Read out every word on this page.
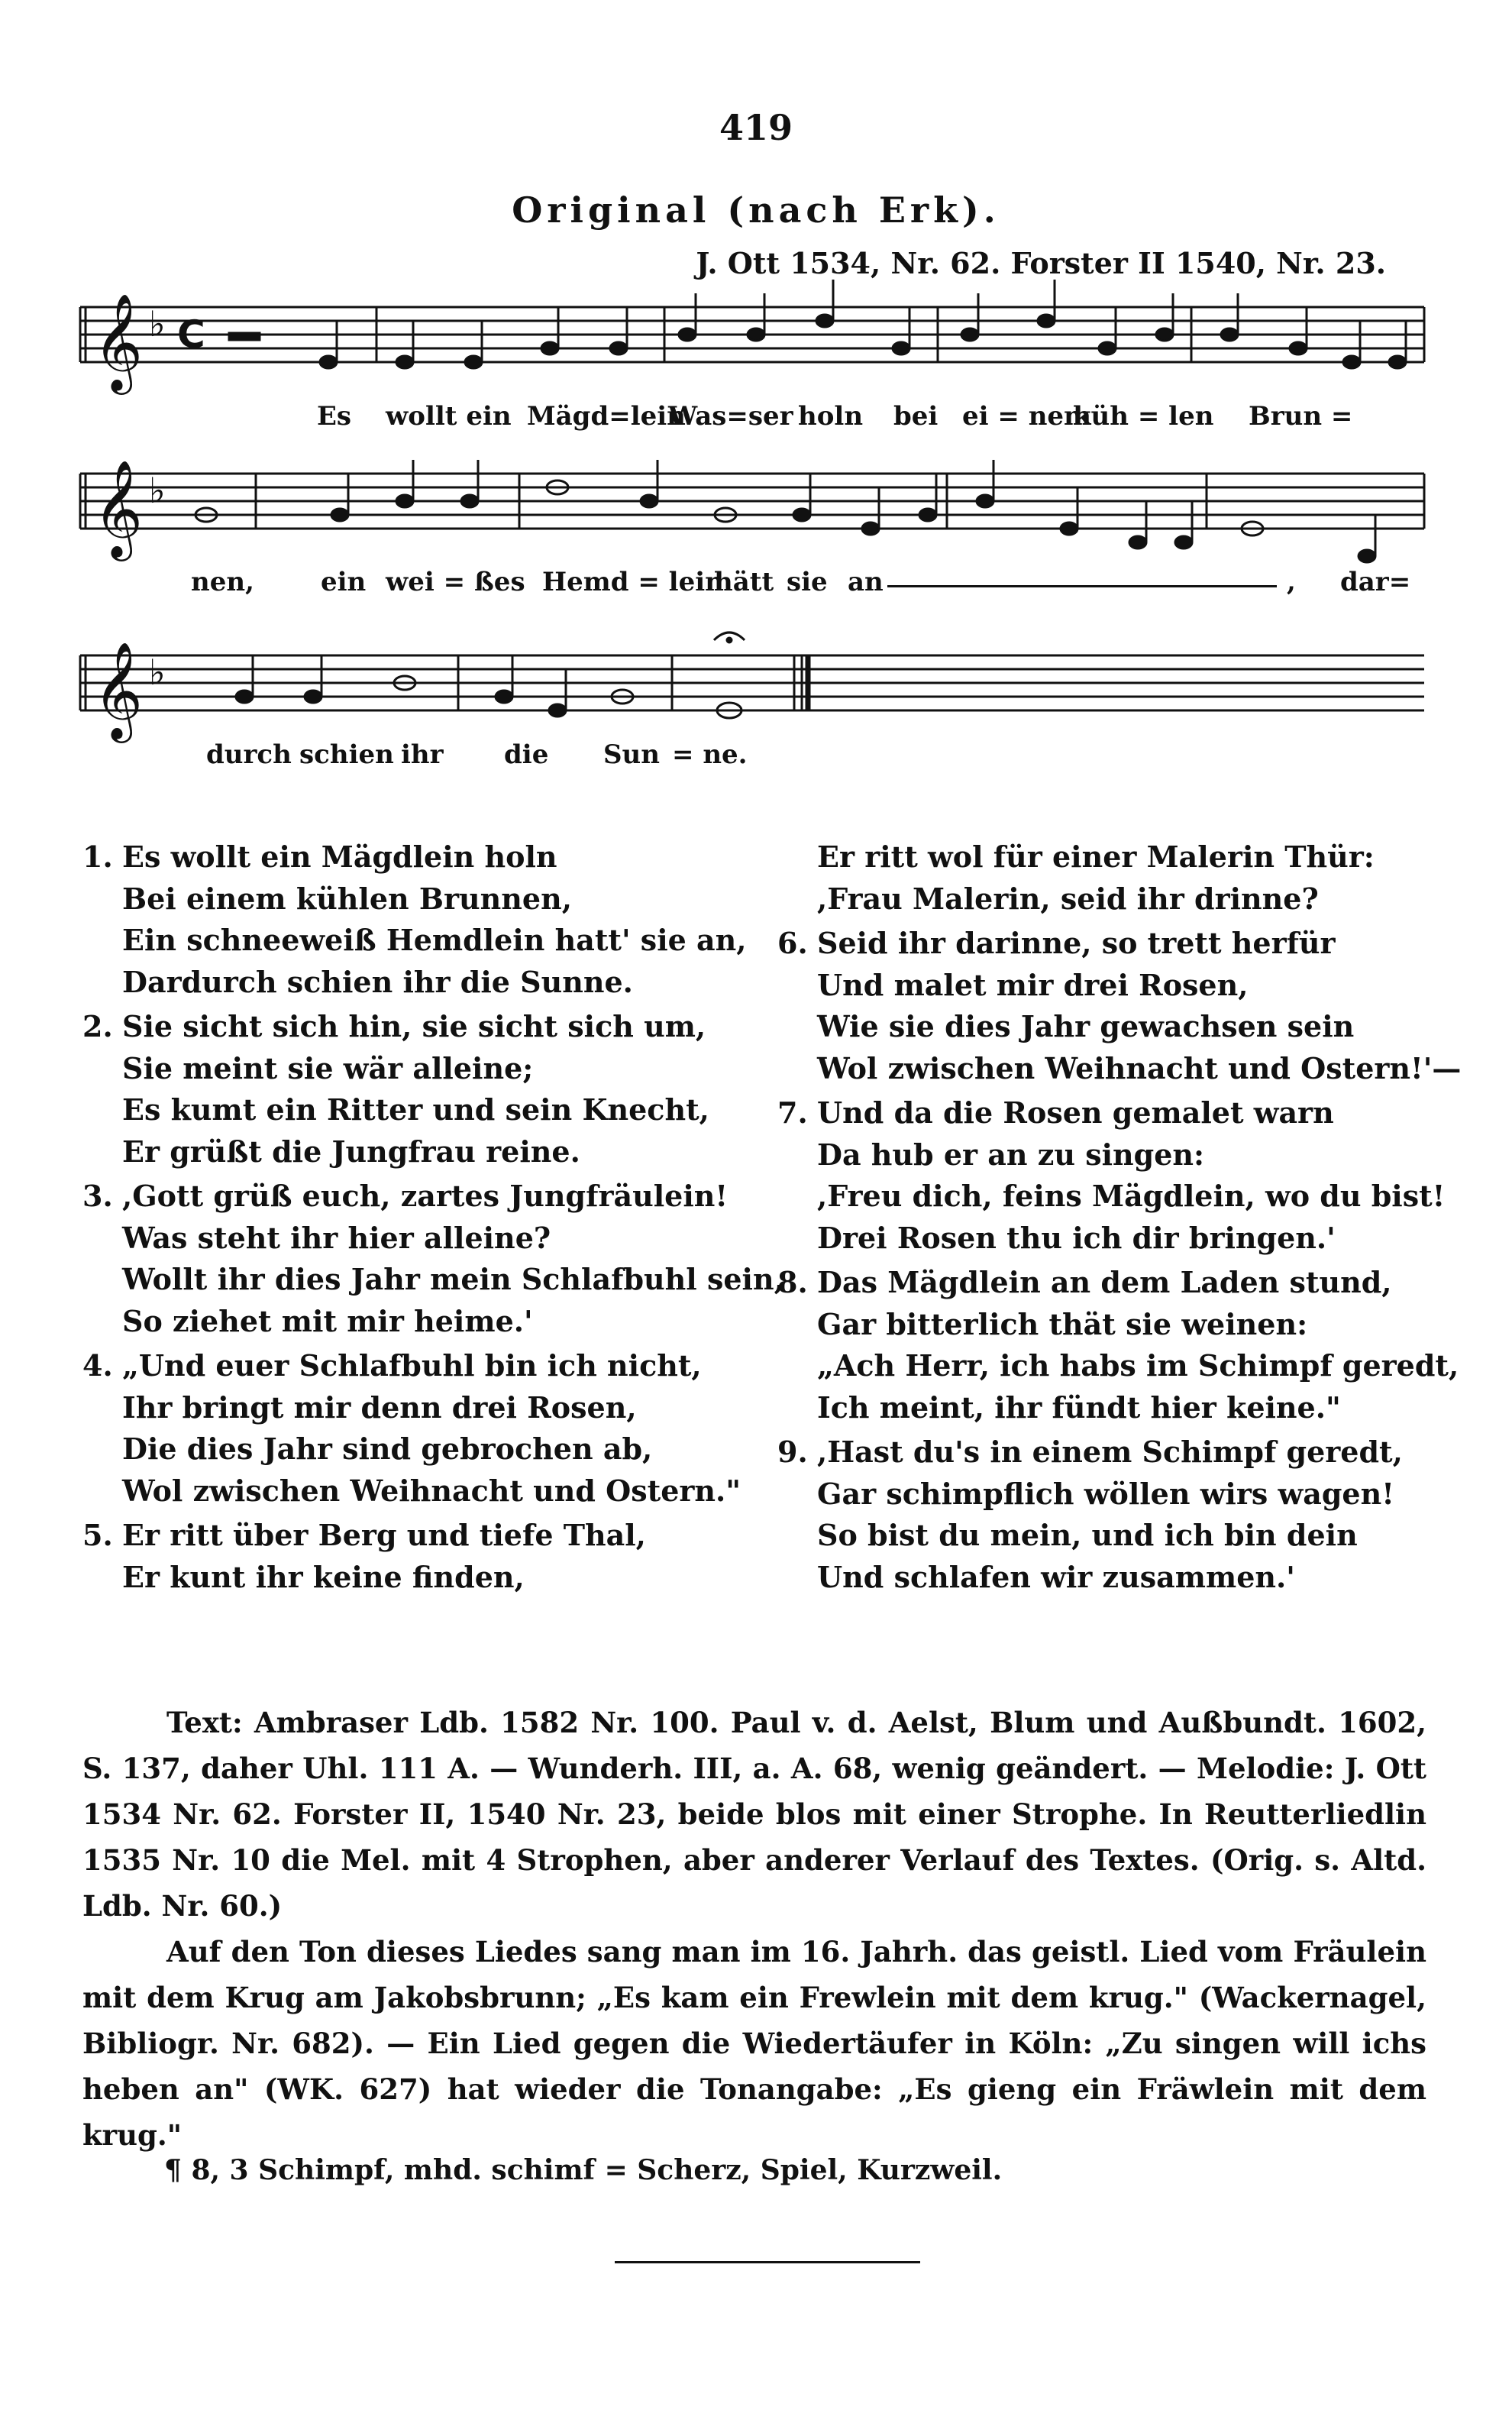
419
Original (nach Erk).
J. Ott 1534, Nr. 62. Forster II 1540, Nr. 23.
𝄞
𝄞
𝄞
♭
♭
♭
C
Es wollt ein Mägd=lein
Was=ser holn bei ei = nem
küh = len Brun =
nen,	ein wei = ßes Hemd = lein
hätt sie an	, dar=
durch schien ihr die Sun = ne.
1. Es wollt ein Mägdlein holn
Bei einem kühlen Brunnen,
Ein schneeweiß Hemdlein hatt' sie an,
Dardurch schien ihr die Sunne.
2. Sie sicht sich hin, sie sicht sich um,
Sie meint sie wär alleine;
Es kumt ein Ritter und sein Knecht,
Er grüßt die Jungfrau reine.
3. ,Gott grüß euch, zartes Jungfräulein!
Was steht ihr hier alleine?
Wollt ihr dies Jahr mein Schlafbuhl sein,
So ziehet mit mir heime.'
4. „Und euer Schlafbuhl bin ich nicht,
Ihr bringt mir denn drei Rosen,
Die dies Jahr sind gebrochen ab,
Wol zwischen Weihnacht und Ostern."
5. Er ritt über Berg und tiefe Thal,
Er kunt ihr keine finden,
Er ritt wol für einer Malerin Thür:
,Frau Malerin, seid ihr drinne?
6. Seid ihr darinne, so trett herfür
Und malet mir drei Rosen,
Wie sie dies Jahr gewachsen sein
Wol zwischen Weihnacht und Ostern!'—
7. Und da die Rosen gemalet warn
Da hub er an zu singen:
,Freu dich, feins Mägdlein, wo du bist!
Drei Rosen thu ich dir bringen.'
8. Das Mägdlein an dem Laden stund,
Gar bitterlich thät sie weinen:
„Ach Herr, ich habs im Schimpf geredt,
Ich meint, ihr fündt hier keine."
9. ,Hast du's in einem Schimpf geredt,
Gar schimpflich wöllen wirs wagen!
So bist du mein, und ich bin dein
Und schlafen wir zusammen.'

Text: Ambraser Ldb. 1582 Nr. 100. Paul v. d. Aelst, Blum und Außbundt. 1602, S. 137, daher Uhl. 111 A. — Wunderh. III, a. A. 68, wenig geändert. — Melodie: J. Ott 1534 Nr. 62. Forster II, 1540 Nr. 23, beide blos mit einer Strophe. In Reutterliedlin 1535 Nr. 10 die Mel. mit 4 Strophen, aber anderer Verlauf des Textes. (Orig. s. Altd. Ldb. Nr. 60.)

Auf den Ton dieses Liedes sang man im 16. Jahrh. das geistl. Lied vom Fräulein mit dem Krug am Jakobsbrunn; „Es kam ein Frewlein mit dem krug." (Wackernagel, Bibliogr. Nr. 682). — Ein Lied gegen die Wiedertäufer in Köln: „Zu singen will ichs heben an" (WK. 627) hat wieder die Tonangabe: „Es gieng ein Fräwlein mit dem krug."

¶ 8, 3 Schimpf, mhd. schimf = Scherz, Spiel, Kurzweil.
